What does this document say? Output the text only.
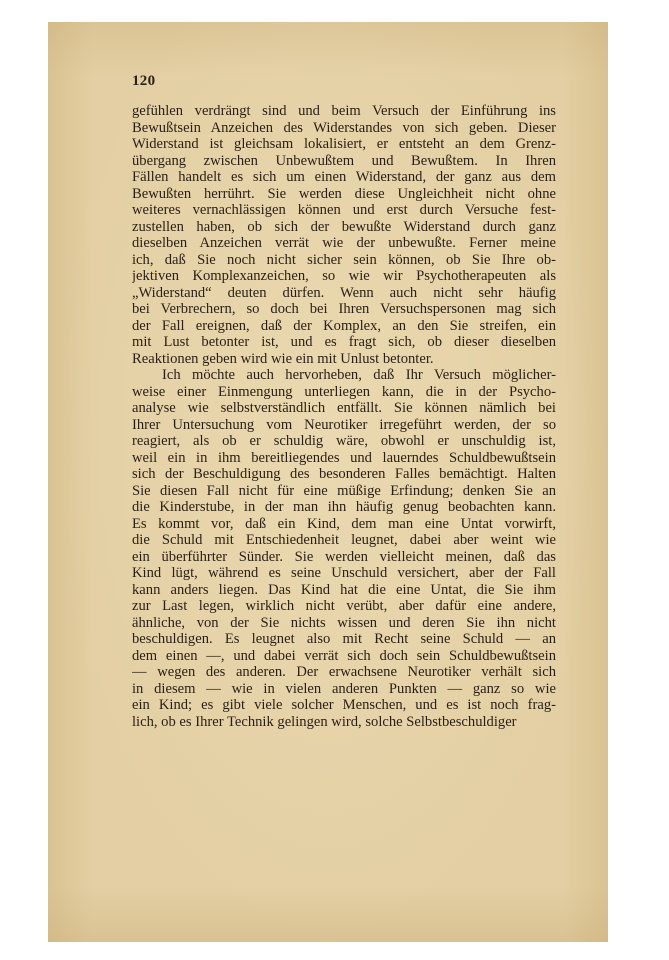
120
gefühlen verdrängt sind und beim Versuch der Einführung ins
Bewußtsein Anzeichen des Widerstandes von sich geben. Dieser
Widerstand ist gleichsam lokalisiert, er entsteht an dem Grenz-
übergang zwischen Unbewußtem und Bewußtem. In Ihren
Fällen handelt es sich um einen Widerstand, der ganz aus dem
Bewußten herrührt. Sie werden diese Ungleichheit nicht ohne
weiteres vernachlässigen können und erst durch Versuche fest-
zustellen haben, ob sich der bewußte Widerstand durch ganz
dieselben Anzeichen verrät wie der unbewußte. Ferner meine
ich, daß Sie noch nicht sicher sein können, ob Sie Ihre ob-
jektiven Komplexanzeichen, so wie wir Psychotherapeuten als
„Widerstand“ deuten dürfen. Wenn auch nicht sehr häufig
bei Verbrechern, so doch bei Ihren Versuchspersonen mag sich
der Fall ereignen, daß der Komplex, an den Sie streifen, ein
mit Lust betonter ist, und es fragt sich, ob dieser dieselben
Reaktionen geben wird wie ein mit Unlust betonter.
Ich möchte auch hervorheben, daß Ihr Versuch möglicher-
weise einer Einmengung unterliegen kann, die in der Psycho-
analyse wie selbstverständlich entfällt. Sie können nämlich bei
Ihrer Untersuchung vom Neurotiker irregeführt werden, der so
reagiert, als ob er schuldig wäre, obwohl er unschuldig ist,
weil ein in ihm bereitliegendes und lauerndes Schuldbewußtsein
sich der Beschuldigung des besonderen Falles bemächtigt. Halten
Sie diesen Fall nicht für eine müßige Erfindung; denken Sie an
die Kinderstube, in der man ihn häufig genug beobachten kann.
Es kommt vor, daß ein Kind, dem man eine Untat vorwirft,
die Schuld mit Entschiedenheit leugnet, dabei aber weint wie
ein überführter Sünder. Sie werden vielleicht meinen, daß das
Kind lügt, während es seine Unschuld versichert, aber der Fall
kann anders liegen. Das Kind hat die eine Untat, die Sie ihm
zur Last legen, wirklich nicht verübt, aber dafür eine andere,
ähnliche, von der Sie nichts wissen und deren Sie ihn nicht
beschuldigen. Es leugnet also mit Recht seine Schuld — an
dem einen —, und dabei verrät sich doch sein Schuldbewußtsein
— wegen des anderen. Der erwachsene Neurotiker verhält sich
in diesem — wie in vielen anderen Punkten — ganz so wie
ein Kind; es gibt viele solcher Menschen, und es ist noch frag-
lich, ob es Ihrer Technik gelingen wird, solche Selbstbeschuldiger
